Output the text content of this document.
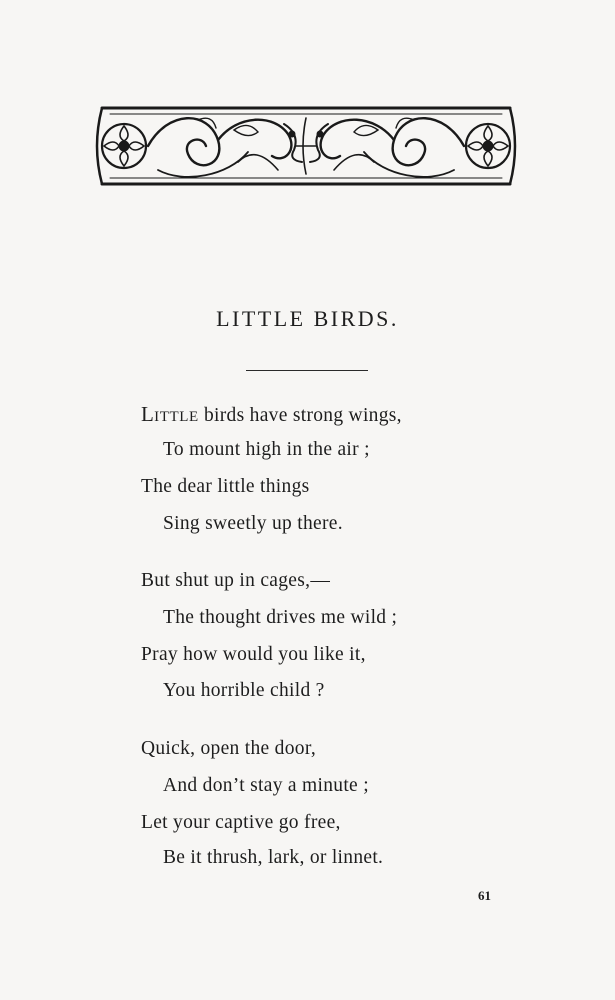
LITTLE BIRDS.
LITTLE birds have strong wings,
To mount high in the air ;
The dear little things
Sing sweetly up there.
But shut up in cages,—
The thought drives me wild ;
Pray how would you like it,
You horrible child ?
Quick, open the door,
And don’t stay a minute ;
Let your captive go free,
Be it thrush, lark, or linnet.
61
